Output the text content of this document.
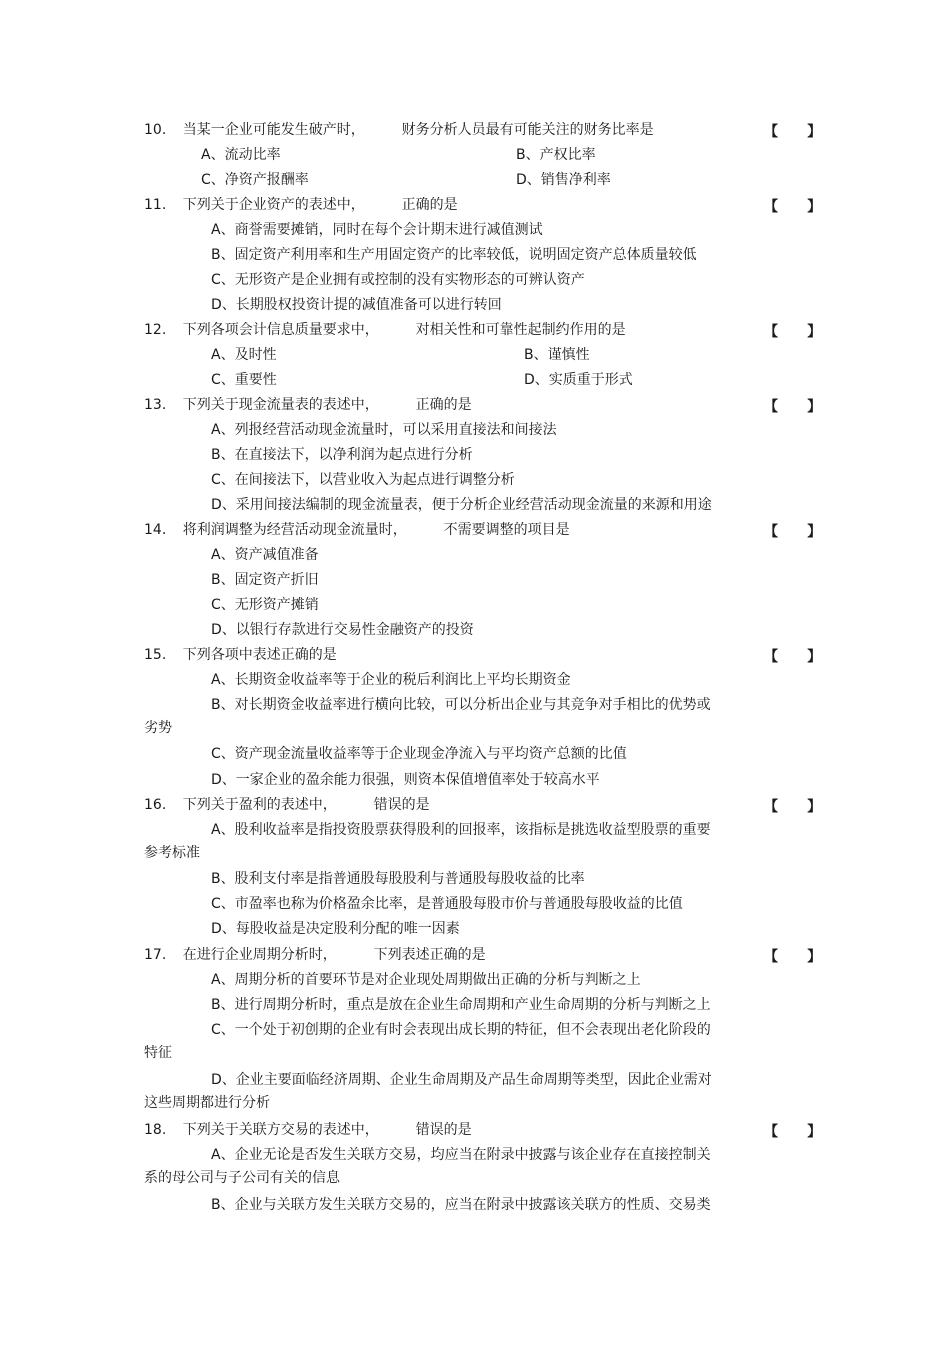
10. 当某一企业可能发生破产时，	财务分析人员最有可能关注的财务比率是	【      】
A、流动比率	B、产权比率
C、净资产报酬率	D、销售净利率
11. 下列关于企业资产的表述中，	正确的是	【      】
A、商誉需要摊销，同时在每个会计期末进行减值测试
B、固定资产利用率和生产用固定资产的比率较低，说明固定资产总体质量较低
C、无形资产是企业拥有或控制的没有实物形态的可辨认资产
D、长期股权投资计提的减值准备可以进行转回
12. 下列各项会计信息质量要求中，	对相关性和可靠性起制约作用的是	【      】
A、及时性	B、谨慎性
C、重要性	D、实质重于形式
13. 下列关于现金流量表的表述中，	正确的是	【      】
A、列报经营活动现金流量时，可以采用直接法和间接法
B、在直接法下，以净利润为起点进行分析
C、在间接法下，以营业收入为起点进行调整分析
D、采用间接法编制的现金流量表，便于分析企业经营活动现金流量的来源和用途
14. 将利润调整为经营活动现金流量时，	不需要调整的项目是	【      】
A、资产减值准备
B、固定资产折旧
C、无形资产摊销
D、以银行存款进行交易性金融资产的投资
15. 下列各项中表述正确的是	【      】
A、长期资金收益率等于企业的税后利润比上平均长期资金
B、对长期资金收益率进行横向比较，可以分析出企业与其竞争对手相比的优势或
劣势
C、资产现金流量收益率等于企业现金净流入与平均资产总额的比值
D、一家企业的盈余能力很强，则资本保值增值率处于较高水平
16. 下列关于盈利的表述中，	错误的是	【      】
A、股利收益率是指投资股票获得股利的回报率，该指标是挑选收益型股票的重要
参考标准
B、股利支付率是指普通股每股股利与普通股每股收益的比率
C、市盈率也称为价格盈余比率，是普通股每股市价与普通股每股收益的比值
D、每股收益是决定股利分配的唯一因素
17. 在进行企业周期分析时，	下列表述正确的是	【      】
A、周期分析的首要环节是对企业现处周期做出正确的分析与判断之上
B、进行周期分析时，重点是放在企业生命周期和产业生命周期的分析与判断之上
C、一个处于初创期的企业有时会表现出成长期的特征，但不会表现出老化阶段的
特征
D、企业主要面临经济周期、企业生命周期及产品生命周期等类型，因此企业需对
这些周期都进行分析
18. 下列关于关联方交易的表述中，	错误的是	【      】
A、企业无论是否发生关联方交易，均应当在附录中披露与该企业存在直接控制关
系的母公司与子公司有关的信息
B、企业与关联方发生关联方交易的，应当在附录中披露该关联方的性质、交易类
